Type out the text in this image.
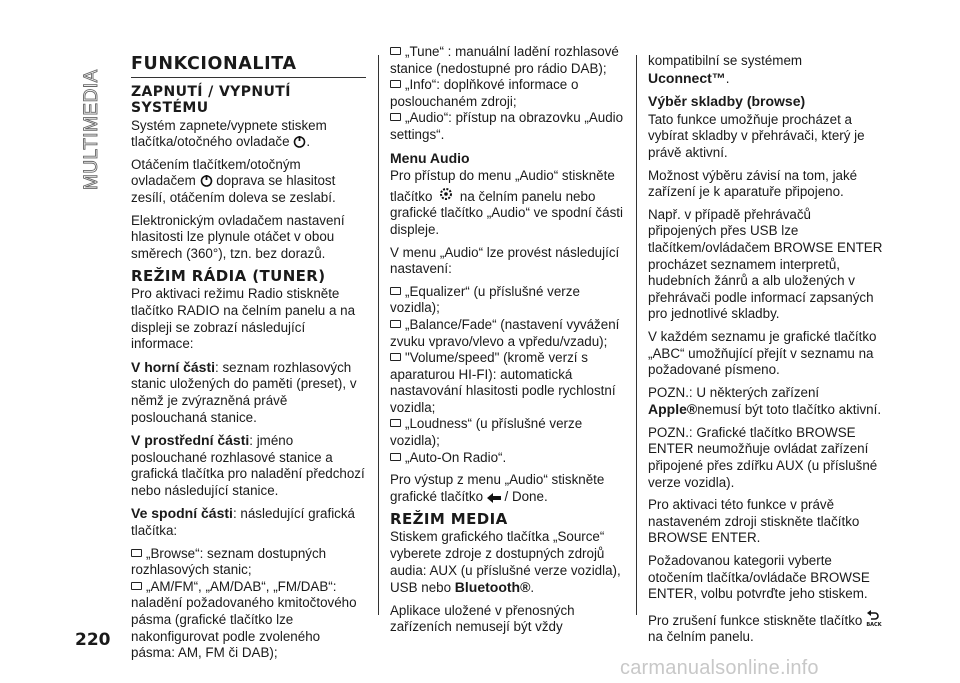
MULTIMEDIA
FUNKCIONALITA
ZAPNUTÍ / VYPNUTÍ SYSTÉMU

Systém zapnete/vypnete stiskem tlačítka/otočného ovladače .

Otáčením tlačítkem/otočným ovladačem doprava se hlasitost zesílí, otáčením doleva se zeslabí.

Elektronickým ovladačem nastavení hlasitosti lze plynule otáčet v obou směrech (360°), tzn. bez dorazů.

REŽIM RÁDIA (TUNER)

Pro aktivaci režimu Radio stiskněte tlačítko RADIO na čelním panelu a na displeji se zobrazí následující informace:

V horní části: seznam rozhlasových stanic uložených do paměti (preset), v němž je zvýrazněná právě poslouchaná stanice.

V prostřední části: jméno poslouchané rozhlasové stanice a grafická tlačítka pro naladění předchozí nebo následující stanice.

Ve spodní části: následující grafická tlačítka:

„Browse“: seznam dostupných rozhlasových stanic;
„AM/FM“, „AM/DAB“, „FM/DAB“: naladění požadovaného kmitočtového pásma (grafické tlačítko lze nakonfigurovat podle zvoleného pásma: AM, FM či DAB);
„Tune“ : manuální ladění rozhlasové stanice (nedostupné pro rádio DAB);
„Info“: doplňkové informace o poslouchaném zdroji;
„Audio“: přístup na obrazovku „Audio settings“.
Menu Audio

Pro přístup do menu „Audio“ stiskněte tlačítko na čelním panelu nebo grafické tlačítko „Audio“ ve spodní části displeje.

V menu „Audio“ lze provést následující nastavení:

„Equalizer“ (u příslušné verze vozidla);
„Balance/Fade“ (nastavení vyvážení zvuku vpravo/vlevo a vpředu/vzadu);
"Volume/speed" (kromě verzí s aparaturou HI-FI): automatická nastavování hlasitosti podle rychlostní vozidla;
„Loudness“ (u příslušné verze vozidla);
„Auto-On Radio“.

Pro výstup z menu „Audio“ stiskněte grafické tlačítko / Done.

REŽIM MEDIA

Stiskem grafického tlačítka „Source“ vyberete zdroje z dostupných zdrojů audia: AUX (u příslušné verze vozidla), USB nebo Bluetooth®.

Aplikace uložené v přenosných zařízeních nemusejí být vždy

kompatibilní se systémem
Uconnect™.

Výběr skladby (browse)

Tato funkce umožňuje procházet a vybírat skladby v přehrávači, který je právě aktivní.

Možnost výběru závisí na tom, jaké zařízení je k aparatuře připojeno.

Např. v případě přehrávačů připojených přes USB lze tlačítkem/ovládačem BROWSE ENTER procházet seznamem interpretů, hudebních žánrů a alb uložených v přehrávači podle informací zapsaných pro jednotlivé skladby.

V každém seznamu je grafické tlačítko „ABC“ umožňující přejít v seznamu na požadované písmeno.

POZN.: U některých zařízení Apple®nemusí být toto tlačítko aktivní.

POZN.: Grafické tlačítko BROWSE ENTER neumožňuje ovládat zařízení připojené přes zdířku AUX (u příslušné verze vozidla).

Pro aktivaci této funkce v právě nastaveném zdroji stiskněte tlačítko BROWSE ENTER.

Požadovanou kategorii vyberte otočením tlačítka/ovládače BROWSE ENTER, volbu potvrďte jeho stiskem.

Pro zrušení funkce stiskněte tlačítko BACK

na čelním panelu.

220
carmanualsonline.info
